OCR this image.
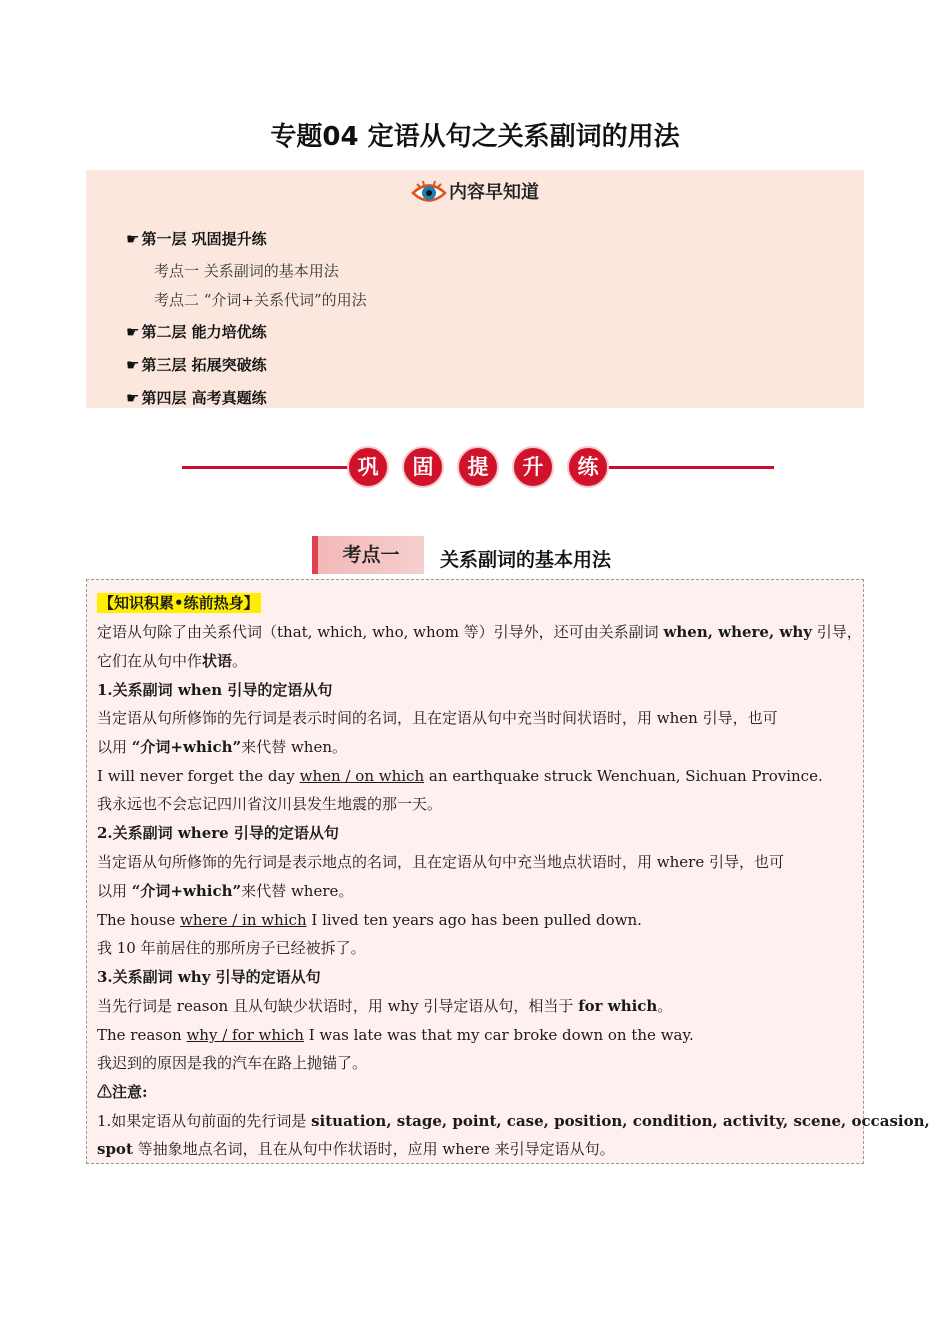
专题04 定语从句之关系副词的用法
内容早知道
☛ 第一层 巩固提升练
考点一 关系副词的基本用法
考点二 “介词+关系代词”的用法
☛ 第二层 能力培优练
☛ 第三层 拓展突破练
☛ 第四层 高考真题练
巩	固	提	升	练
考点一	关系副词的基本用法
【知识积累•练前热身】
定语从句除了由关系代词（that, which, who, whom 等）引导外，还可由关系副词 when, where, why 引导，
它们在从句中作状语。
1.关系副词 when 引导的定语从句
当定语从句所修饰的先行词是表示时间的名词，且在定语从句中充当时间状语时，用 when 引导，也可
以用 “介词+which”来代替 when。
I will never forget the day when / on which an earthquake struck Wenchuan, Sichuan Province.
我永远也不会忘记四川省汶川县发生地震的那一天。
2.关系副词 where 引导的定语从句
当定语从句所修饰的先行词是表示地点的名词，且在定语从句中充当地点状语时，用 where 引导，也可
以用 “介词+which”来代替 where。
The house where / in which I lived ten years ago has been pulled down.
我 10 年前居住的那所房子已经被拆了。
3.关系副词 why 引导的定语从句
当先行词是 reason 且从句缺少状语时，用 why 引导定语从句，相当于 for which。
The reason why / for which I was late was that my car broke down on the way.
我迟到的原因是我的汽车在路上抛锚了。
⚠注意:
1.如果定语从句前面的先行词是 situation, stage, point, case, position, condition, activity, scene, occasion,
spot 等抽象地点名词，且在从句中作状语时，应用 where 来引导定语从句。
